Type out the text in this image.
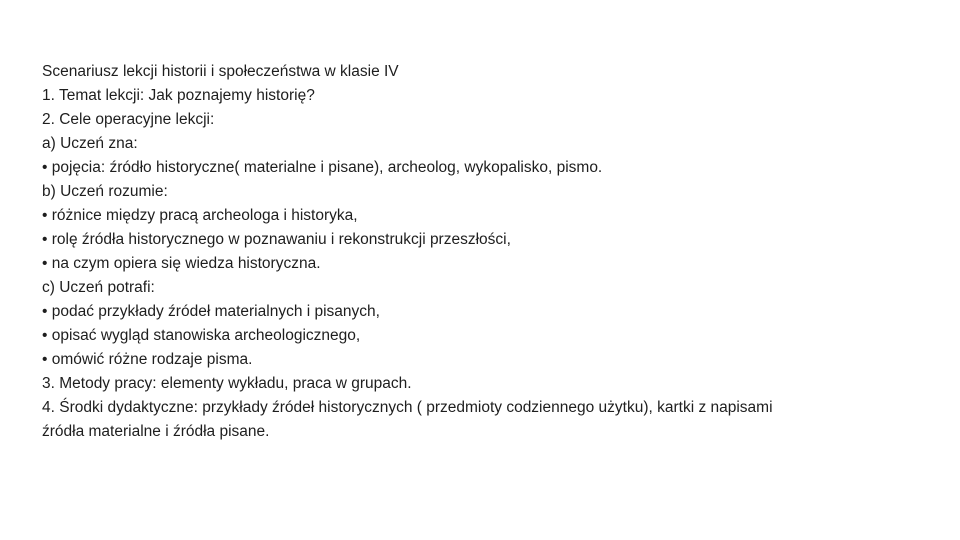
Scenariusz lekcji historii i społeczeństwa w klasie IV

1. Temat lekcji: Jak poznajemy historię?

2. Cele operacyjne lekcji:

a) Uczeń zna:

• pojęcia: źródło historyczne( materialne i pisane), archeolog, wykopalisko, pismo.

b) Uczeń rozumie:

• różnice między pracą archeologa i historyka,

• rolę źródła historycznego w poznawaniu i rekonstrukcji przeszłości,

• na czym opiera się wiedza historyczna.

c) Uczeń potrafi:

• podać przykłady źródeł materialnych i pisanych,

• opisać wygląd stanowiska archeologicznego,

• omówić różne rodzaje pisma.

3. Metody pracy: elementy wykładu, praca w grupach.

4. Środki dydaktyczne: przykłady źródeł historycznych ( przedmioty codziennego użytku), kartki z napisami

źródła materialne i źródła pisane.
